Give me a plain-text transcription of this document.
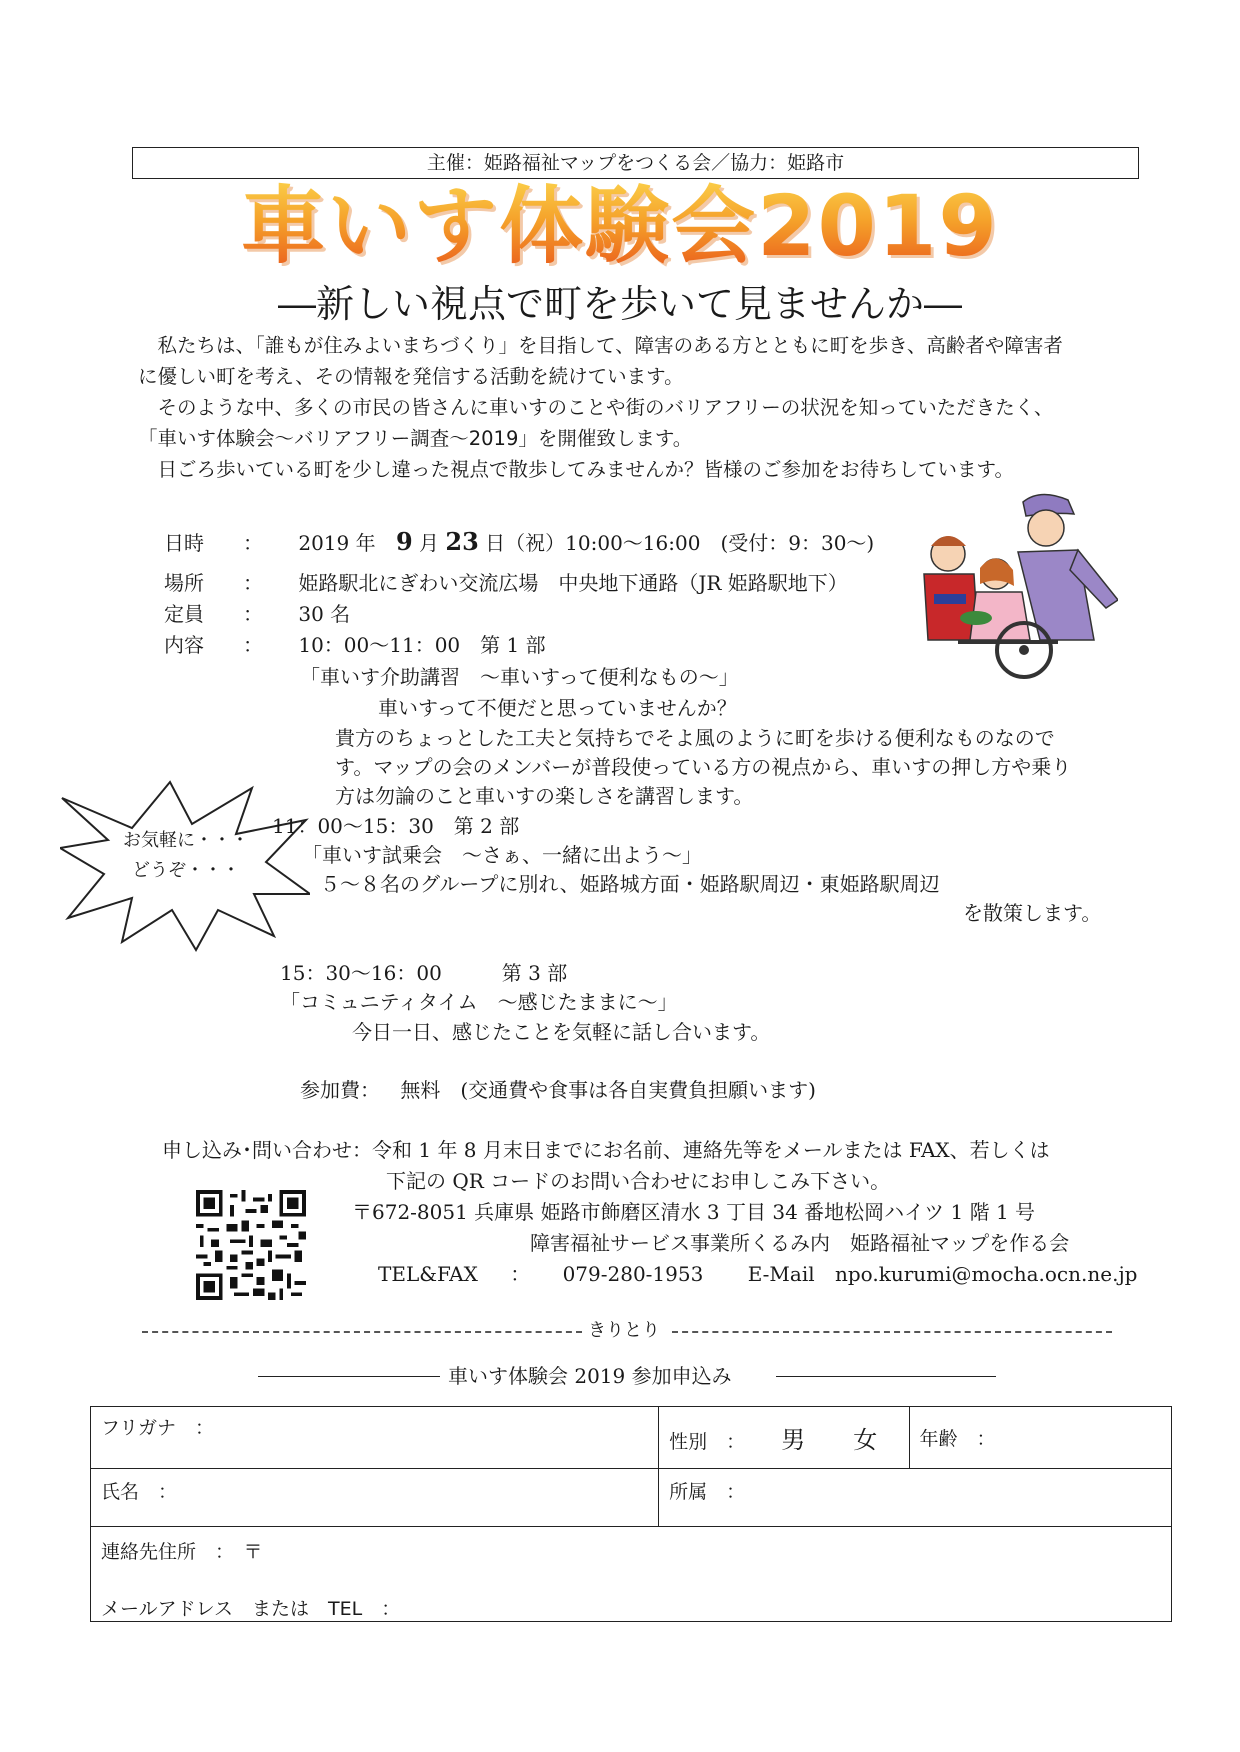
主催：姫路福祉マップをつくる会／協力：姫路市
車いす体験会2019
―新しい視点で町を歩いて見ませんか―

　私たちは、「誰もが住みよいまちづくり」を目指して、障害のある方とともに町を歩き、高齢者や障害者

に優しい町を考え、その情報を発信する活動を続けています。

　そのような中、多くの市民の皆さんに車いすのことや街のバリアフリーの状況を知っていただきたく、

「車いす体験会～バリアフリー調査～2019」を開催致します。

　日ごろ歩いている町を少し違った視点で散歩してみませんか？皆様のご参加をお待ちしています。

日時 ： 2019 年 9 月 23 日（祝）10:00～16:00　(受付：9：30～)
場所 ： 姫路駅北にぎわい交流広場　中央地下通路（JR 姫路駅地下）
定員 ： 30 名
内容 ： 10：00～11：00　第 1 部
「車いす介助講習　～車いすって便利なもの～」
車いすって不便だと思っていませんか？
貴方のちょっとした工夫と気持ちでそよ風のように町を歩ける便利なものなので
す。マップの会のメンバーが普段使っている方の視点から、車いすの押し方や乗り
方は勿論のこと車いすの楽しさを講習します。
お気軽に・・・
どうぞ・・・
11：00～15：30　第 2 部
「車いす試乗会　～さぁ、一緒に出よう～」
５～８名のグループに別れ、姫路城方面・姫路駅周辺・東姫路駅周辺
を散策します。
15：30～16：00　　　第 3 部
「コミュニティタイム　～感じたままに～」
今日一日、感じたことを気軽に話し合います。
参加費： 無料　(交通費や食事は各自実費負担願います)
申し込み･問い合わせ：令和 1 年 8 月末日までにお名前、連絡先等をメールまたは FAX、若しくは
下記の QR コードのお問い合わせにお申しこみ下さい。
〒672-8051 兵庫県 姫路市飾磨区清水 3 丁目 34 番地松岡ハイツ 1 階 1 号
障害福祉サービス事業所くるみ内　姫路福祉マップを作る会
TEL&FAX ： 079-280-1953 E-Mail npo.kurumi@mocha.ocn.ne.jp
きりとり
車いす体験会 2019 参加申込み
フリガナ　：	性別　： 男　　女	年齢　：
氏名　：	所属　：	

連絡先住所　：　〒
メールアドレス　または　TEL　：		
